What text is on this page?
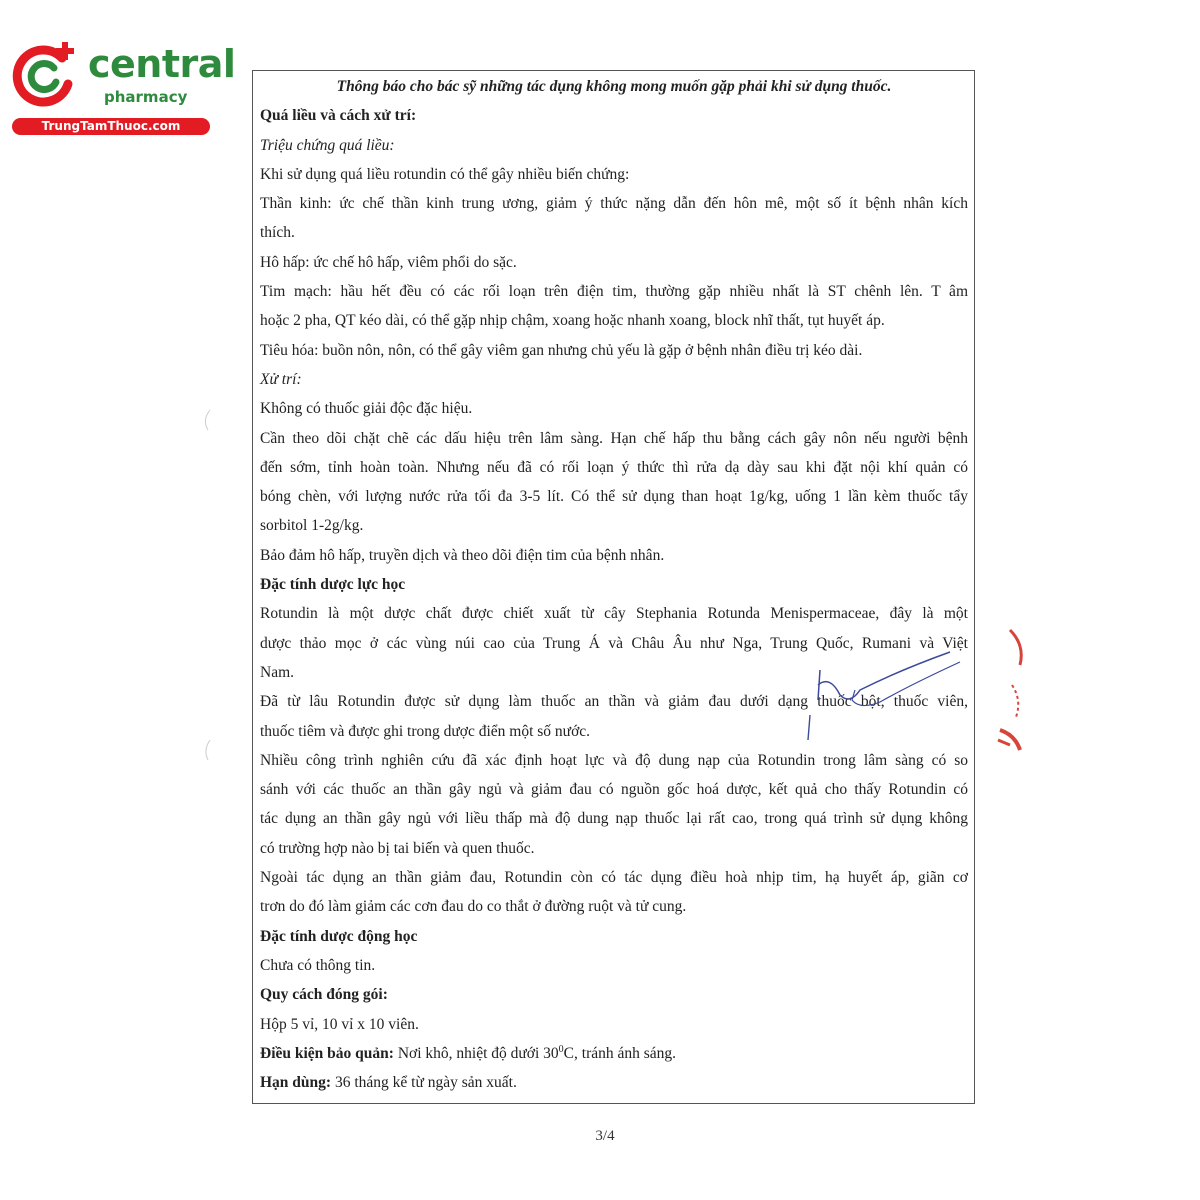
central
pharmacy
TrungTamThuoc.com

Thông báo cho bác sỹ những tác dụng không mong muốn gặp phải khi sử dụng thuốc.

Quá liều và cách xử trí:

Triệu chứng quá liều:

Khi sử dụng quá liều rotundin có thể gây nhiều biến chứng:

Thần kinh: ức chế thần kinh trung ương, giảm ý thức nặng dẫn đến hôn mê, một số ít bệnh nhân kích

thích.

Hô hấp: ức chế hô hấp, viêm phổi do sặc.

Tim mạch: hầu hết đều có các rối loạn trên điện tim, thường gặp nhiều nhất là ST chênh lên. T âm

hoặc 2 pha, QT kéo dài, có thể gặp nhịp chậm, xoang hoặc nhanh xoang, block nhĩ thất, tụt huyết áp.

Tiêu hóa: buồn nôn, nôn, có thể gây viêm gan nhưng chủ yếu là gặp ở bệnh nhân điều trị kéo dài.

Xử trí:

Không có thuốc giải độc đặc hiệu.

Cần theo dõi chặt chẽ các dấu hiệu trên lâm sàng. Hạn chế hấp thu bằng cách gây nôn nếu người bệnh

đến sớm, tỉnh hoàn toàn. Nhưng nếu đã có rối loạn ý thức thì rửa dạ dày sau khi đặt nội khí quản có

bóng chèn, với lượng nước rửa tối đa 3-5 lít. Có thể sử dụng than hoạt 1g/kg, uống 1 lần kèm thuốc tẩy

sorbitol 1-2g/kg.

Bảo đảm hô hấp, truyền dịch và theo dõi điện tim của bệnh nhân.

Đặc tính dược lực học

Rotundin là một dược chất được chiết xuất từ cây Stephania Rotunda Menispermaceae, đây là một

dược thảo mọc ở các vùng núi cao của Trung Á và Châu Âu như Nga, Trung Quốc, Rumani và Việt

Nam.

Đã từ lâu Rotundin được sử dụng làm thuốc an thần và giảm đau dưới dạng thuốc bột, thuốc viên,

thuốc tiêm và được ghi trong dược điển một số nước.

Nhiều công trình nghiên cứu đã xác định hoạt lực và độ dung nạp của Rotundin trong lâm sàng có so

sánh với các thuốc an thần gây ngủ và giảm đau có nguồn gốc hoá dược, kết quả cho thấy Rotundin có

tác dụng an thần gây ngủ với liều thấp mà độ dung nạp thuốc lại rất cao, trong quá trình sử dụng không

có trường hợp nào bị tai biến và quen thuốc.

Ngoài tác dụng an thần giảm đau, Rotundin còn có tác dụng điều hoà nhịp tim, hạ huyết áp, giãn cơ

trơn do đó làm giảm các cơn đau do co thắt ở đường ruột và tử cung.

Đặc tính dược động học

Chưa có thông tin.

Quy cách đóng gói:

Hộp 5 vỉ, 10 vỉ x 10 viên.

Điều kiện bảo quản: Nơi khô, nhiệt độ dưới $30^0C$, tránh ánh sáng.

Hạn dùng: 36 tháng kể từ ngày sản xuất.

3/4
